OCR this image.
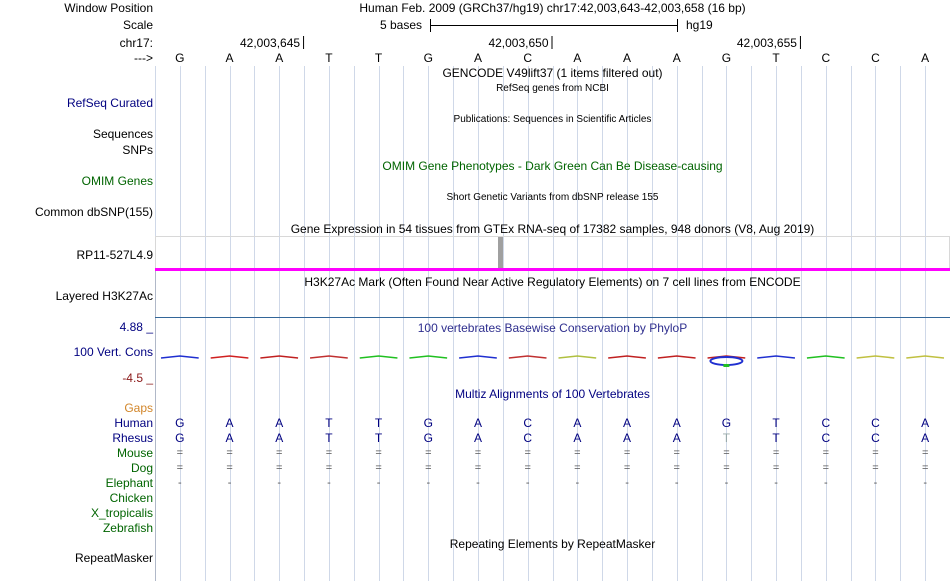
Window Position	Human Feb. 2009 (GRCh37/hg19) chr17:42,003,643-42,003,658 (16 bp)
Scale	5 bases	hg19
chr17:	42,003,645	42,003,650	42,003,655
--->	G	A	A	T	T	G	A	C	A	A	A	G	T	C	C	A
GENCODE V49lift37 (1 items filtered out)
RefSeq genes from NCBI
RefSeq Curated
Publications: Sequences in Scientific Articles
Sequences
SNPs
OMIM Gene Phenotypes - Dark Green Can Be Disease-causing
OMIM Genes
Short Genetic Variants from dbSNP release 155
Common dbSNP(155)
Gene Expression in 54 tissues from GTEx RNA-seq of 17382 samples, 948 donors (V8, Aug 2019)
RP11-527L4.9
H3K27Ac Mark (Often Found Near Active Regulatory Elements) on 7 cell lines from ENCODE
Layered H3K27Ac
100 vertebrates Basewise Conservation by PhyloP
4.88 _
100 Vert. Cons
-4.5 _
Multiz Alignments of 100 Vertebrates
Gaps
Human	G	A	A	T	T	G	A	C	A	A	A	G	T	C	C	A
Rhesus	G	A	A	T	T	G	A	C	A	A	A	T	T	C	C	A
Mouse	=	=	=	=	=	=	=	=	=	=	=	=	=	=	=	=
Dog	=	=	=	=	=	=	=	=	=	=	=	=	=	=	=	=
Elephant	-	-	-	-	-	-	-	-	-	-	-	-	-	-	-	-
Chicken
X_tropicalis
Zebrafish
Repeating Elements by RepeatMasker
RepeatMasker
